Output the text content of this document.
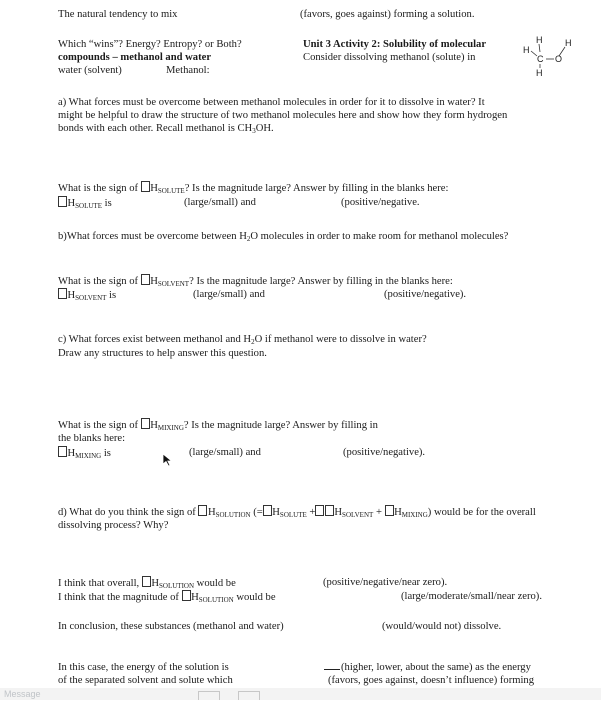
The natural tendency to mix	(favors, goes against) forming a solution.
Which “wins”? Energy? Entropy? or Both?
compounds – methanol and water
water (solvent)	Methanol:
Unit 3 Activity 2: Solubility of molecular
Consider dissolving methanol (solute) in
H	H
H
C O
H
a) What forces must be overcome between methanol molecules in order for it to dissolve in water? It
might be helpful to draw the structure of two methanol molecules here and show how they form hydrogen
bonds with each other. Recall methanol is $CH_3OH$.
What is the sign of $H_{SOLUTE}$? Is the magnitude large? Answer by filling in the blanks here:
$H_{SOLUTE}$ is	(large/small) and	(positive/negative.
b)What forces must be overcome between $H_2O$ molecules in order to make room for methanol molecules?
What is the sign of $H_{SOLVENT}$? Is the magnitude large? Answer by filling in the blanks here:
$H_{SOLVENT}$ is	(large/small) and	(positive/negative).
c) What forces exist between methanol and $H_2O$ if methanol were to dissolve in water?
Draw any structures to help answer this question.
What is the sign of $H_{MIXING}$? Is the magnitude large? Answer by filling in
the blanks here:
$H_{MIXING}$ is	(large/small) and	(positive/negative).
d) What do you think the sign of $H_{SOLUTION}$ (= $H_{SOLUTE} + H_{SOLVENT} + H_{MIXING}$) would be for the overall
dissolving process? Why?
I think that overall, $H_{SOLUTION}$ would be	(positive/negative/near zero).
I think that the magnitude of $H_{SOLUTION}$ would be	(large/moderate/small/near zero).
In conclusion, these substances (methanol and water)	(would/would not) dissolve.
In this case, the energy of the solution is
of the separated solvent and solute which
(higher, lower, about the same) as the energy
(favors, goes against, doesn’t influence) forming
Message
